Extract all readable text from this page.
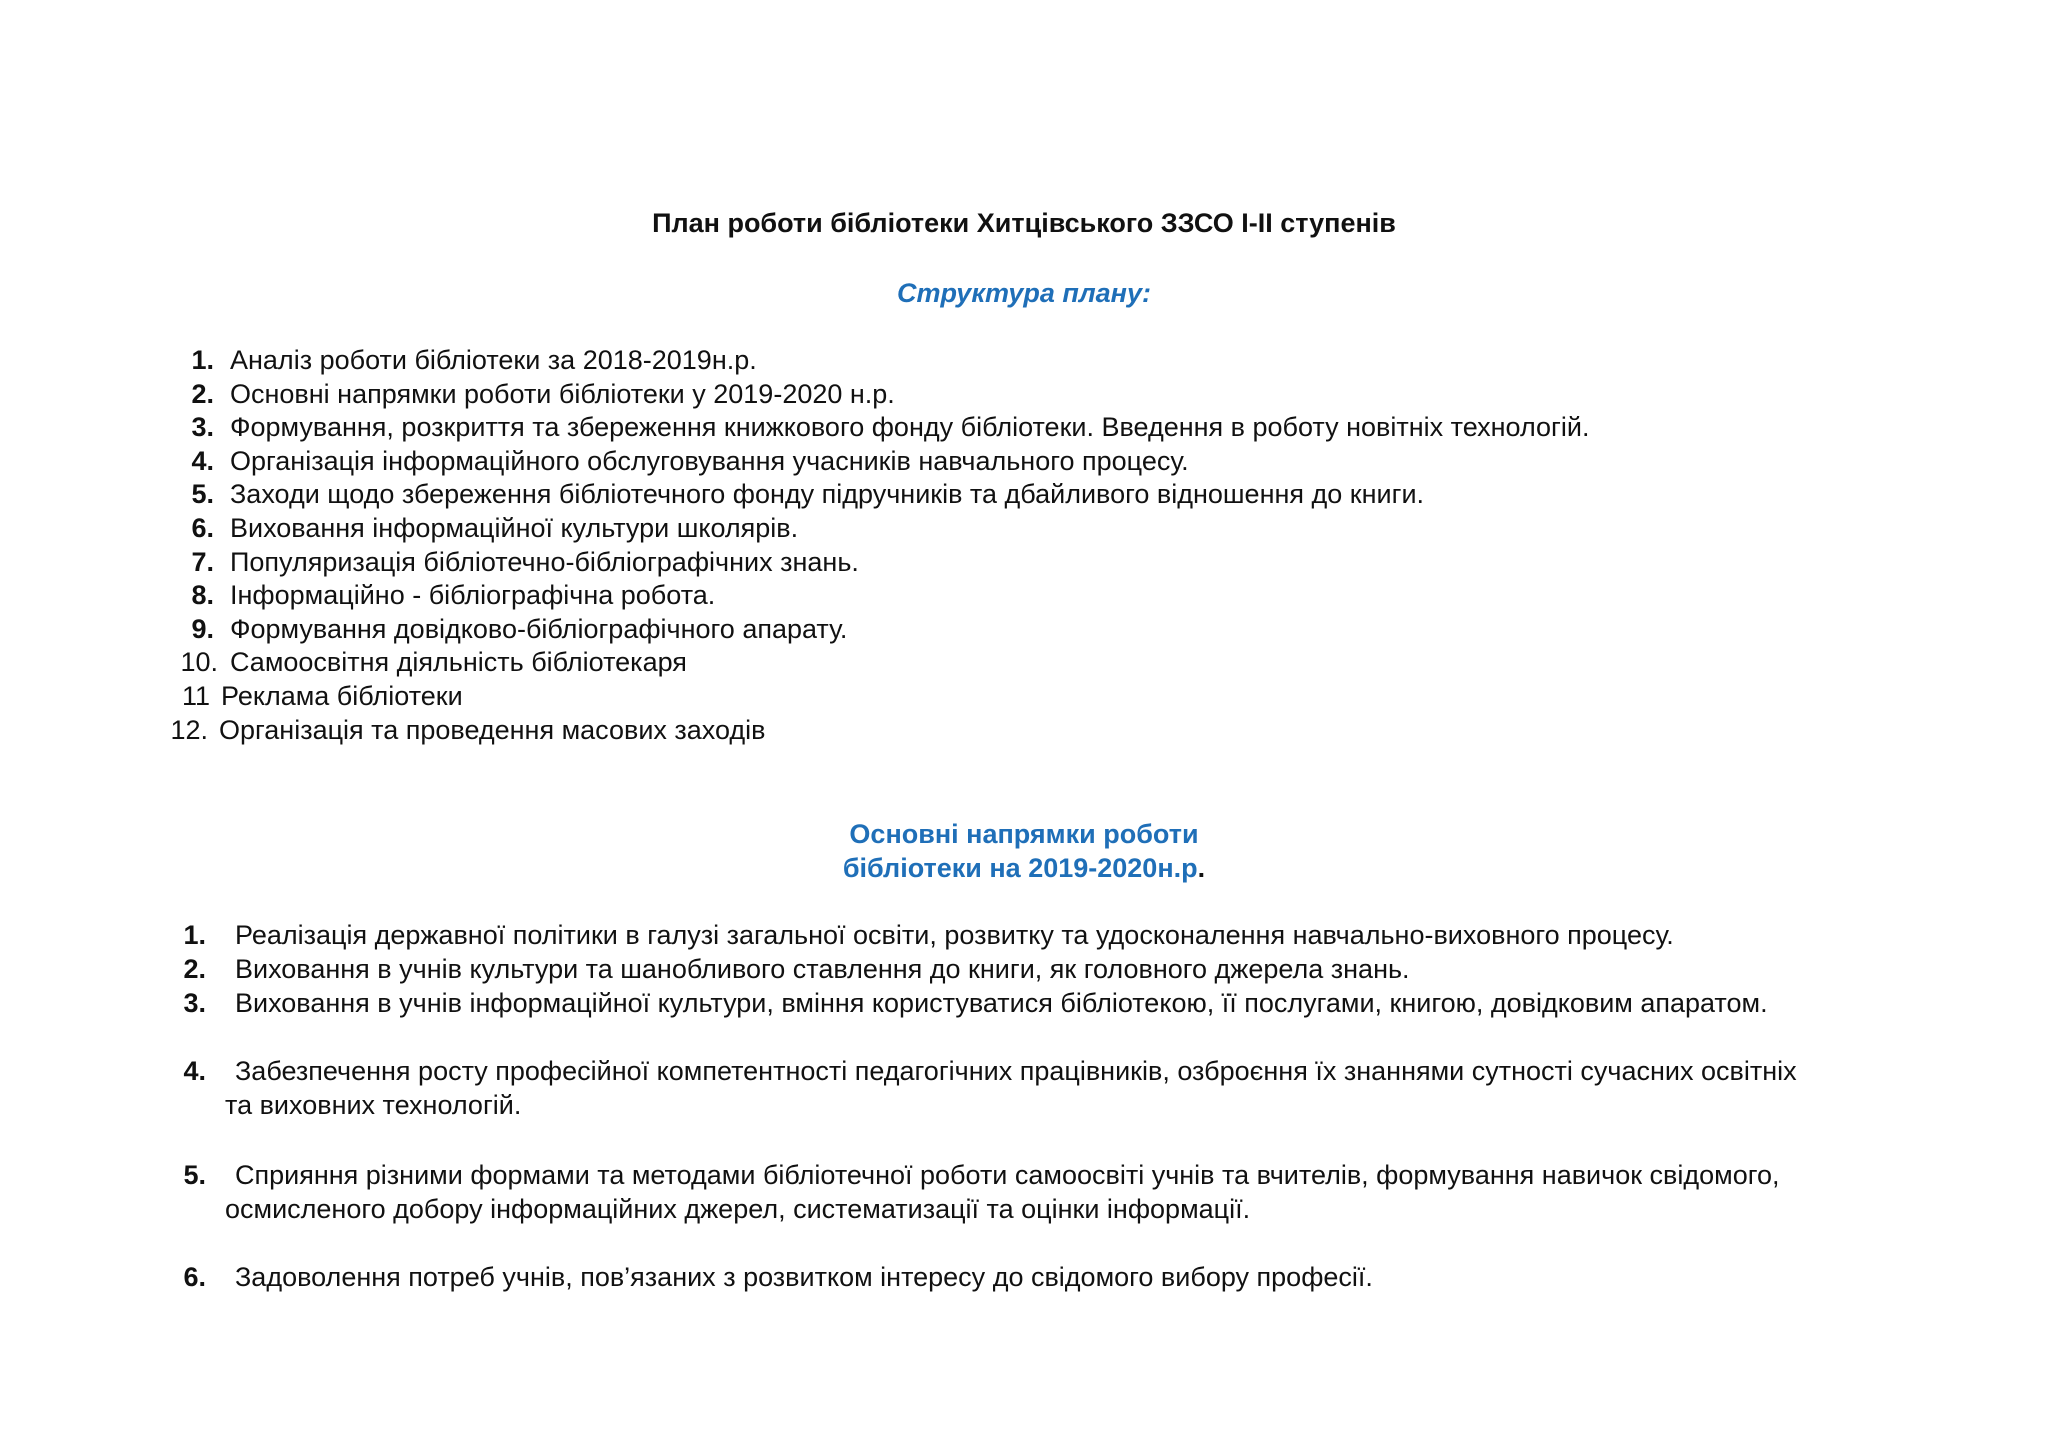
План роботи бібліотеки Хитцівського ЗЗСО І-ІІ ступенів
Структура плану:
1. Аналіз роботи бібліотеки за 2018-2019н.р.
2. Основні напрямки роботи бібліотеки у 2019-2020 н.р.
3. Формування, розкриття та збереження книжкового фонду бібліотеки. Введення в роботу новітніх технологій.
4. Організація інформаційного обслуговування учасників навчального процесу.
5. Заходи щодо збереження бібліотечного фонду підручників та дбайливого відношення до книги.
6. Виховання інформаційної культури школярів.
7. Популяризація бібліотечно-бібліографічних знань.
8. Інформаційно - бібліографічна робота.
9. Формування довідково-бібліографічного апарату.
10. Самоосвітня діяльність бібліотекаря
11 Реклама бібліотеки
12. Організація та проведення масових заходів
Основні напрямки роботи
бібліотеки на 2019-2020н.р.
1.	Реалізація державної політики в галузі загальної освіти, розвитку та удосконалення навчально-виховного процесу.
2.	Виховання в учнів культури та шанобливого ставлення до книги, як головного джерела знань.
3.	Виховання в учнів інформаційної культури, вміння користуватися бібліотекою, її послугами, книгою, довідковим апаратом.
4.	Забезпечення росту професійної компетентності педагогічних працівників, озброєння їх знаннями сутності сучасних освітніх та виховних технологій.
5.	Сприяння різними формами та методами бібліотечної роботи самоосвіті учнів та вчителів, формування навичок свідомого, осмисленого добору інформаційних джерел, систематизації та оцінки інформації.
6.	Задоволення потреб учнів, пов’язаних з розвитком інтересу до свідомого вибору професії.
